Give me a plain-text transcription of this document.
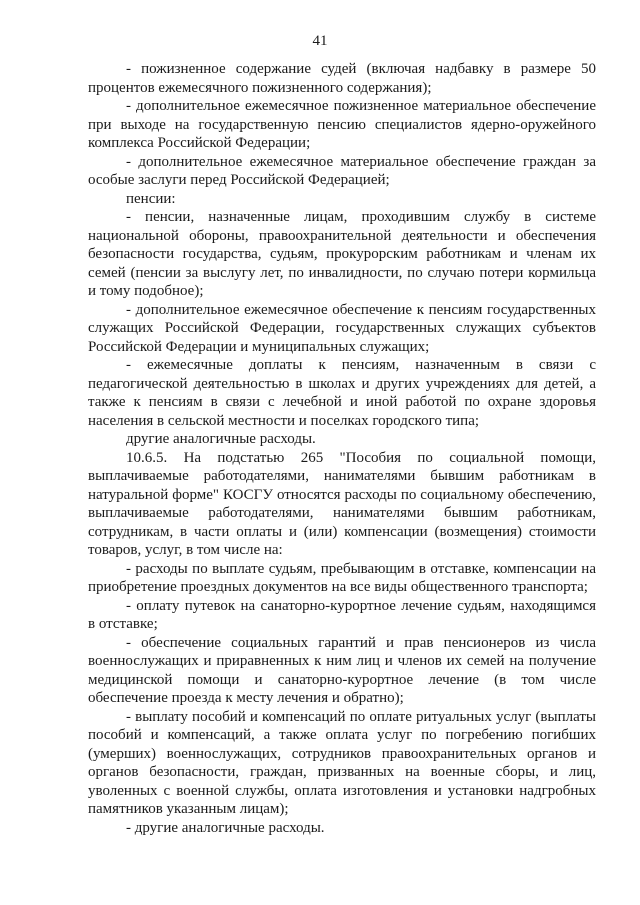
41

- пожизненное содержание судей (включая надбавку в размере 50 процентов ежемесячного пожизненного содержания);

- дополнительное ежемесячное пожизненное материальное обеспечение при выходе на государственную пенсию специалистов ядерно-оружейного комплекса Российской Федерации;

- дополнительное ежемесячное материальное обеспечение граждан за особые заслуги перед Российской Федерацией;

пенсии:

- пенсии, назначенные лицам, проходившим службу в системе национальной обороны, правоохранительной деятельности и обеспечения безопасности государства, судьям, прокурорским работникам и членам их семей (пенсии за выслугу лет, по инвалидности, по случаю потери кормильца и тому подобное);

- дополнительное ежемесячное обеспечение к пенсиям государственных служащих Российской Федерации, государственных служащих субъектов Российской Федерации и муниципальных служащих;

- ежемесячные доплаты к пенсиям, назначенным в связи с педагогической деятельностью в школах и других учреждениях для детей, а также к пенсиям в связи с лечебной и иной работой по охране здоровья населения в сельской местности и поселках городского типа;

другие аналогичные расходы.

10.6.5. На подстатью 265 "Пособия по социальной помощи, выплачиваемые работодателями, нанимателями бывшим работникам в натуральной форме" КОСГУ относятся расходы по социальному обеспечению, выплачиваемые работодателями, нанимателями бывшим работникам, сотрудникам, в части оплаты и (или) компенсации (возмещения) стоимости товаров, услуг, в том числе на:

- расходы по выплате судьям, пребывающим в отставке, компенсации на приобретение проездных документов на все виды общественного транспорта;

- оплату путевок на санаторно-курортное лечение судьям, находящимся в отставке;

- обеспечение социальных гарантий и прав пенсионеров из числа военнослужащих и приравненных к ним лиц и членов их семей на получение медицинской помощи и санаторно-курортное лечение (в том числе обеспечение проезда к месту лечения и обратно);

- выплату пособий и компенсаций по оплате ритуальных услуг (выплаты пособий и компенсаций, а также оплата услуг по погребению погибших (умерших) военнослужащих, сотрудников правоохранительных органов и органов безопасности, граждан, призванных на военные сборы, и лиц, уволенных с военной службы, оплата изготовления и установки надгробных памятников указанным лицам);

- другие аналогичные расходы.
